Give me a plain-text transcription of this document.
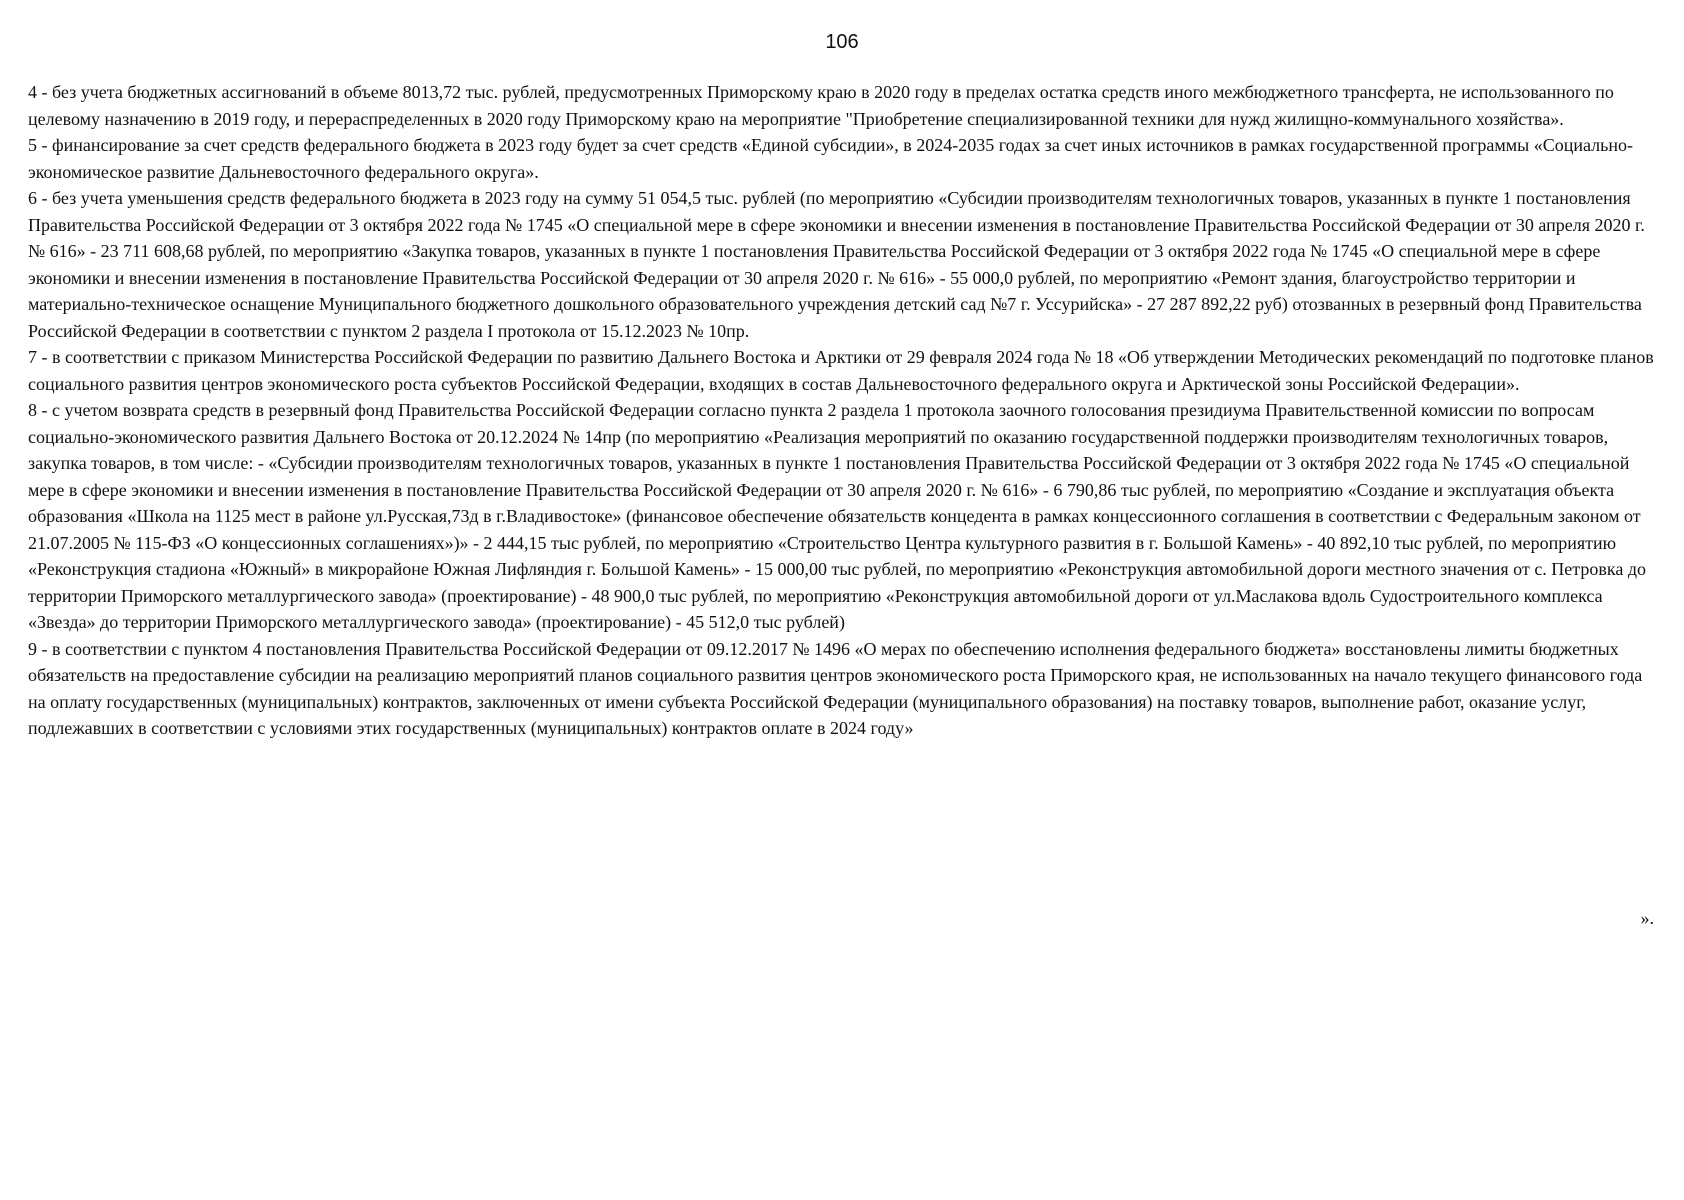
106

4 - без учета бюджетных ассигнований в объеме 8013,72 тыс. рублей, предусмотренных Приморскому краю в 2020 году в пределах остатка средств иного межбюджетного трансферта, не использованного по целевому назначению в 2019 году, и перераспределенных в 2020 году Приморскому краю на мероприятие "Приобретение специализированной техники для нужд жилищно-коммунального хозяйства».

5 - финансирование за счет средств федерального бюджета в 2023 году будет за счет средств «Единой субсидии», в 2024-2035 годах за счет иных источников в рамках государственной программы «Социально-экономическое развитие Дальневосточного федерального округа».

6 - без учета уменьшения средств федерального бюджета в 2023 году на сумму 51 054,5 тыс. рублей (по мероприятию «Субсидии производителям технологичных товаров, указанных в пункте 1 постановления Правительства Российской Федерации от 3 октября 2022 года № 1745 «О специальной мере в сфере экономики и внесении изменения в постановление Правительства Российской Федерации от 30 апреля 2020 г. № 616» - 23 711 608,68 рублей, по мероприятию «Закупка товаров, указанных в пункте 1 постановления Правительства Российской Федерации от 3 октября 2022 года № 1745 «О специальной мере в сфере экономики и внесении изменения в постановление Правительства Российской Федерации от 30 апреля 2020 г. № 616» - 55 000,0 рублей, по мероприятию «Ремонт здания, благоустройство территории и материально-техническое оснащение Муниципального бюджетного дошкольного образовательного учреждения детский сад №7 г. Уссурийска» - 27 287 892,22 руб) отозванных в резервный фонд Правительства Российской Федерации в соответствии с пунктом 2 раздела I протокола от 15.12.2023 № 10пр.

7 - в соответствии с приказом Министерства Российской Федерации по развитию Дальнего Востока и Арктики от 29 февраля 2024 года № 18 «Об утверждении Методических рекомендаций по подготовке планов социального развития центров экономического роста субъектов Российской Федерации, входящих в состав Дальневосточного федерального округа и Арктической зоны Российской Федерации».

8 - с учетом возврата средств в резервный фонд Правительства Российской Федерации согласно пункта 2 раздела 1 протокола заочного голосования президиума Правительственной комиссии по вопросам социально-экономического развития Дальнего Востока от 20.12.2024 № 14пр (по мероприятию «Реализация мероприятий по оказанию государственной поддержки производителям технологичных товаров, закупка товаров, в том числе: - «Субсидии производителям технологичных товаров, указанных в пункте 1 постановления Правительства Российской Федерации от 3 октября 2022 года № 1745 «О специальной мере в сфере экономики и внесении изменения в постановление Правительства Российской Федерации от 30 апреля 2020 г. № 616» - 6 790,86 тыс рублей, по мероприятию «Создание и эксплуатация объекта образования «Школа на 1125 мест в районе ул.Русская,73д в г.Владивостоке» (финансовое обеспечение обязательств концедента в рамках концессионного соглашения в соответствии с Федеральным законом от 21.07.2005 № 115-ФЗ «О концессионных соглашениях»)» - 2 444,15 тыс рублей, по мероприятию «Строительство Центра культурного развития в г. Большой Камень» - 40 892,10 тыс рублей, по мероприятию «Реконструкция стадиона «Южный» в микрорайоне Южная Лифляндия г. Большой Камень» - 15 000,00 тыс рублей, по мероприятию «Реконструкция автомобильной дороги местного значения от с. Петровка до территории Приморского металлургического завода» (проектирование) - 48 900,0 тыс рублей, по мероприятию «Реконструкция автомобильной дороги от ул.Маслакова вдоль Судостроительного комплекса «Звезда» до территории Приморского металлургического завода» (проектирование) - 45 512,0 тыс рублей)

9 - в соответствии с пунктом 4 постановления Правительства Российской Федерации от 09.12.2017 № 1496 «О мерах по обеспечению исполнения федерального бюджета» восстановлены лимиты бюджетных обязательств на предоставление субсидии на реализацию мероприятий планов социального развития центров экономического роста Приморского края, не использованных на начало текущего финансового года на оплату государственных (муниципальных) контрактов, заключенных от имени субъекта Российской Федерации (муниципального образования) на поставку товаров, выполнение работ, оказание услуг, подлежавших в соответствии с условиями этих государственных (муниципальных) контрактов оплате в 2024 году»

».
